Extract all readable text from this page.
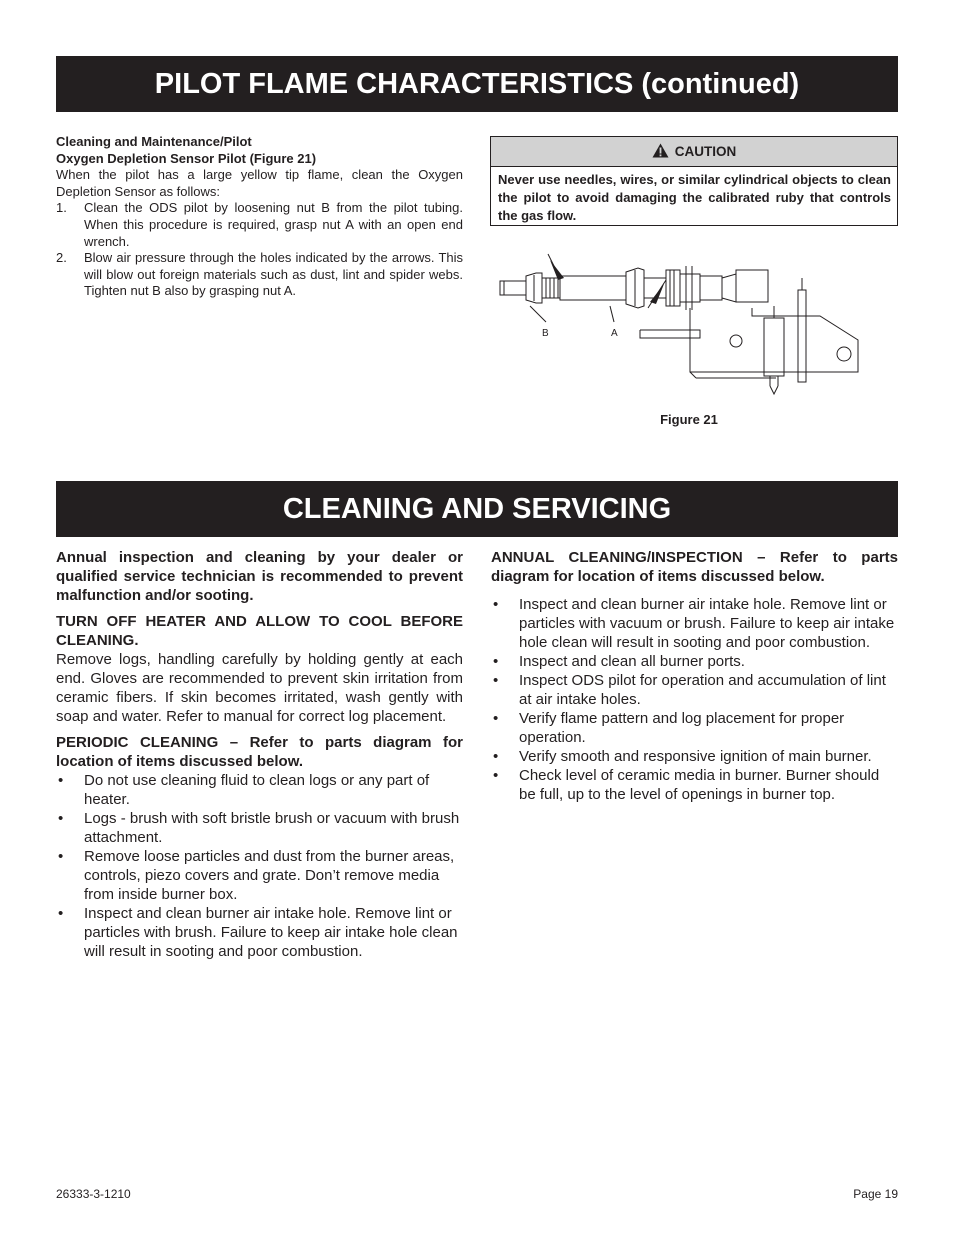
PILOT FLAME CHARACTERISTICS (continued)
Cleaning and Maintenance/Pilot
Oxygen Depletion Sensor Pilot (Figure 21)
When the pilot has a large yellow tip flame, clean the Oxygen Depletion Sensor as follows:
1. Clean the ODS pilot by loosening nut B from the pilot tubing. When this procedure is required, grasp nut A with an open end wrench.
2. Blow air pressure through the holes indicated by the arrows. This will blow out foreign materials such as dust, lint and spider webs. Tighten nut B also by grasping nut A.
CAUTION
Never use needles, wires, or similar cylindrical objects to clean the pilot to avoid damaging the calibrated ruby that controls the gas flow.
B	A
Figure 21
CLEANING AND SERVICING

Annual inspection and cleaning by your dealer or qualified service technician is recommended to prevent malfunction and/or sooting.

TURN OFF HEATER AND ALLOW TO COOL BEFORE CLEANING.

Remove logs, handling carefully by holding gently at each end. Gloves are recommended to prevent skin irritation from ceramic fibers. If skin becomes irritated, wash gently with soap and water. Refer to manual for correct log placement.

PERIODIC CLEANING – Refer to parts diagram for location of items discussed below.

• Do not use cleaning fluid to clean logs or any part of heater.
• Logs - brush with soft bristle brush or vacuum with brush attachment.
• Remove loose particles and dust from the burner areas, controls, piezo covers and grate. Don’t remove media from inside burner box.
• Inspect and clean burner air intake hole. Remove lint or particles with brush. Failure to keep air intake hole clean will result in sooting and poor combustion.

ANNUAL CLEANING/INSPECTION – Refer to parts diagram for location of items discussed below.

• Inspect and clean burner air intake hole. Remove lint or particles with vacuum or brush. Failure to keep air intake hole clean will result in sooting and poor combustion.
• Inspect and clean all burner ports.
• Inspect ODS pilot for operation and accumulation of lint at air intake holes.
• Verify flame pattern and log placement for proper operation.
• Verify smooth and responsive ignition of main burner.
• Check level of ceramic media in burner. Burner should be full, up to the level of openings in burner top.
26333-3-1210	Page 19
